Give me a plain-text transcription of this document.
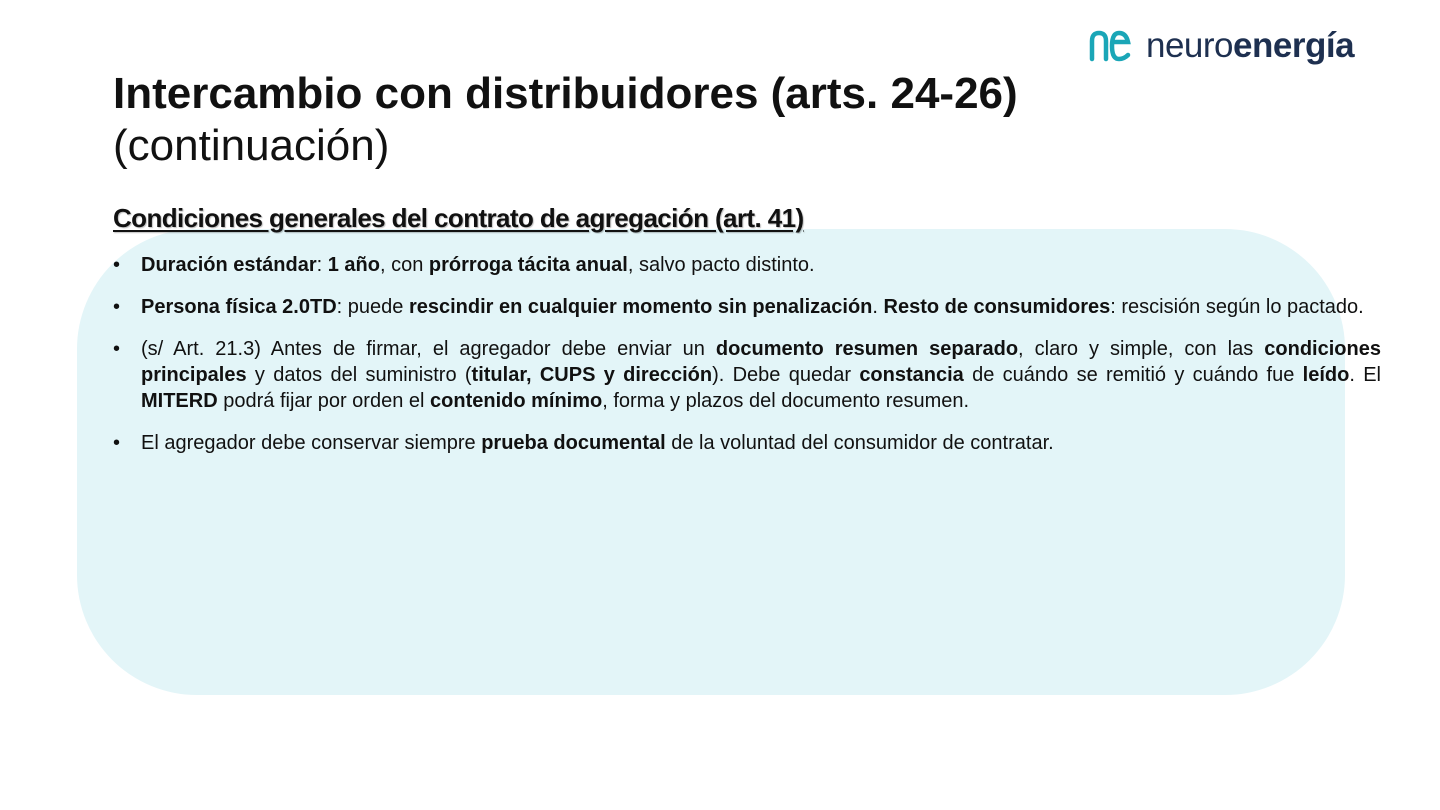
neuroenergía
Intercambio con distribuidores (arts. 24-26)
(continuación)
Condiciones generales del contrato de agregación (art. 41)
• Duración estándar: 1 año, con prórroga tácita anual, salvo pacto distinto.
• Persona física 2.0TD: puede rescindir en cualquier momento sin penalización. Resto de consumidores: rescisión según lo pactado.
• (s/ Art. 21.3) Antes de firmar, el agregador debe enviar un documento resumen separado, claro y simple, con las condiciones principales y datos del suministro (titular, CUPS y dirección). Debe quedar constancia de cuándo se remitió y cuándo fue leído. El MITERD podrá fijar por orden el contenido mínimo, forma y plazos del documento resumen.
• El agregador debe conservar siempre prueba documental de la voluntad del consumidor de contratar.
